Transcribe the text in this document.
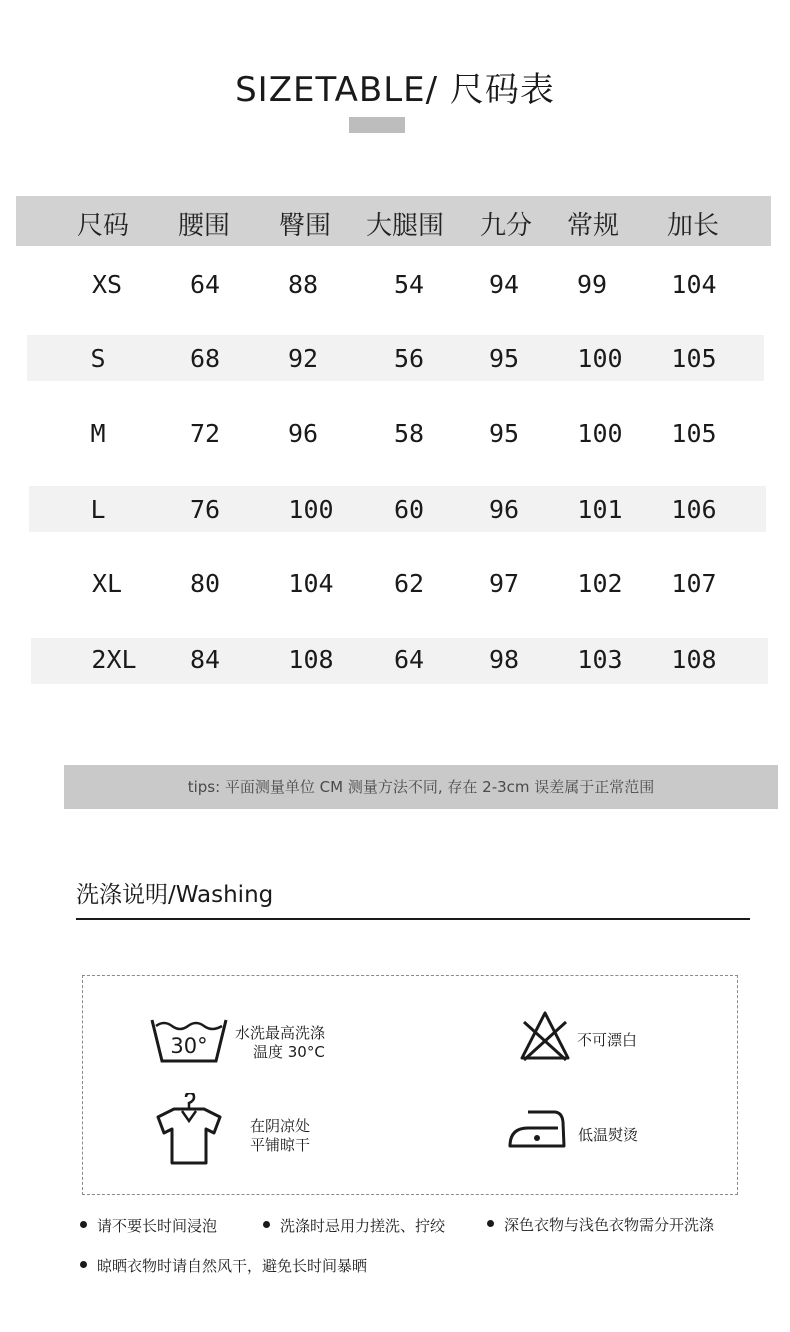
SIZETABLE/ 尺码表
尺码 腰围 臀围 大腿围 九分 常规 加长
XS	64	88	54	94 99	104
S	68	92	56	95 100 105
M	72	96	58	95 100 105
L	76	100 60	96 101 106
XL	80	104 62	97 102 107
2XL 84	108 64	98 103 108
tips: 平面测量单位 CM 测量方法不同, 存在 2-3cm 误差属于正常范围
洗涤说明/Washing
30°
水洗最高洗涤
温度 30°C
不可漂白
在阴凉处
平铺晾干
低温熨烫
请不要长时间浸泡	洗涤时忌用力搓洗、拧绞	深色衣物与浅色衣物需分开洗涤
晾晒衣物时请自然风干，避免长时间暴晒
